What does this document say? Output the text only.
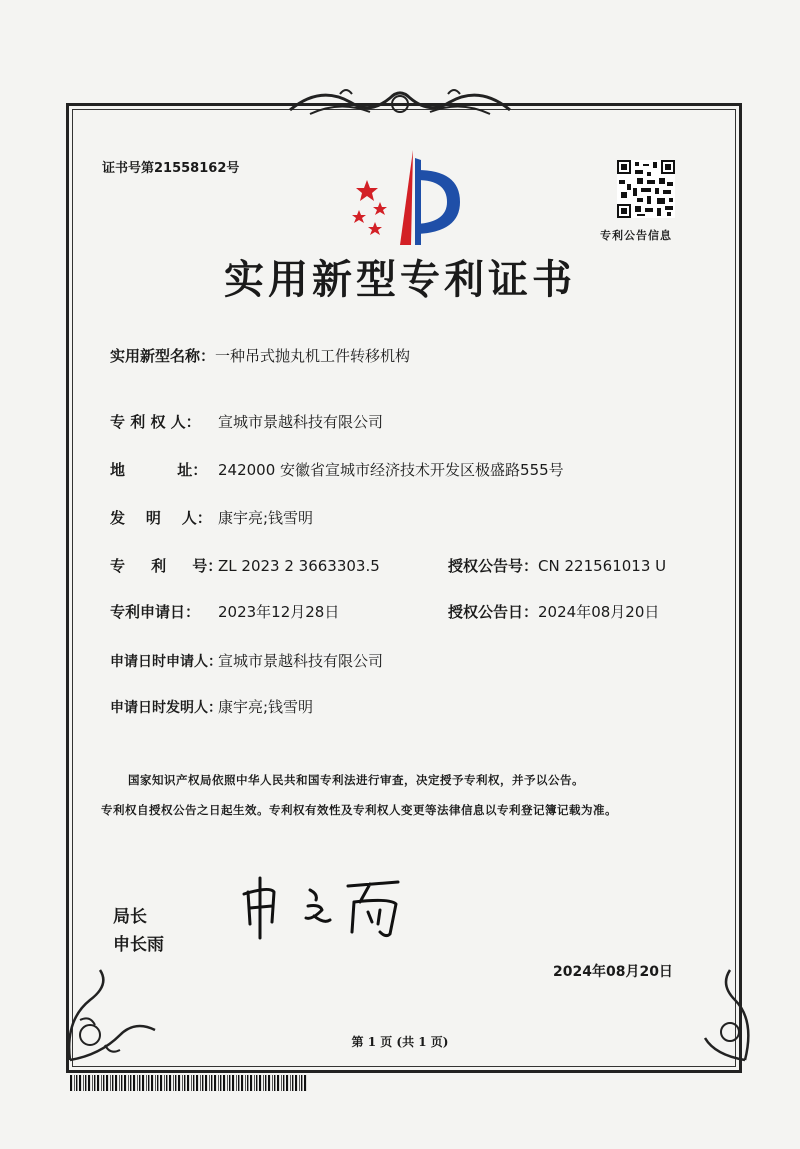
证书号第21558162号
专利公告信息
实用新型专利证书
实用新型名称：一种吊式抛丸机工件转移机构
专 利 权 人： 宣城市景越科技有限公司
地          址： 242000 安徽省宣城市经济技术开发区极盛路555号
发    明    人： 康宇亮;钱雪明
专     利     号：ZL 2023 2 3663303.5	授权公告号：CN 221561013 U
专利申请日： 2023年12月28日	授权公告日：2024年08月20日
申请日时申请人：宣城市景越科技有限公司
申请日时发明人：康宇亮;钱雪明
国家知识产权局依照中华人民共和国专利法进行审查，决定授予专利权，并予以公告。
专利权自授权公告之日起生效。专利权有效性及专利权人变更等法律信息以专利登记簿记载为准。
局长
申长雨
2024年08月20日
第 1 页 (共 1 页)
